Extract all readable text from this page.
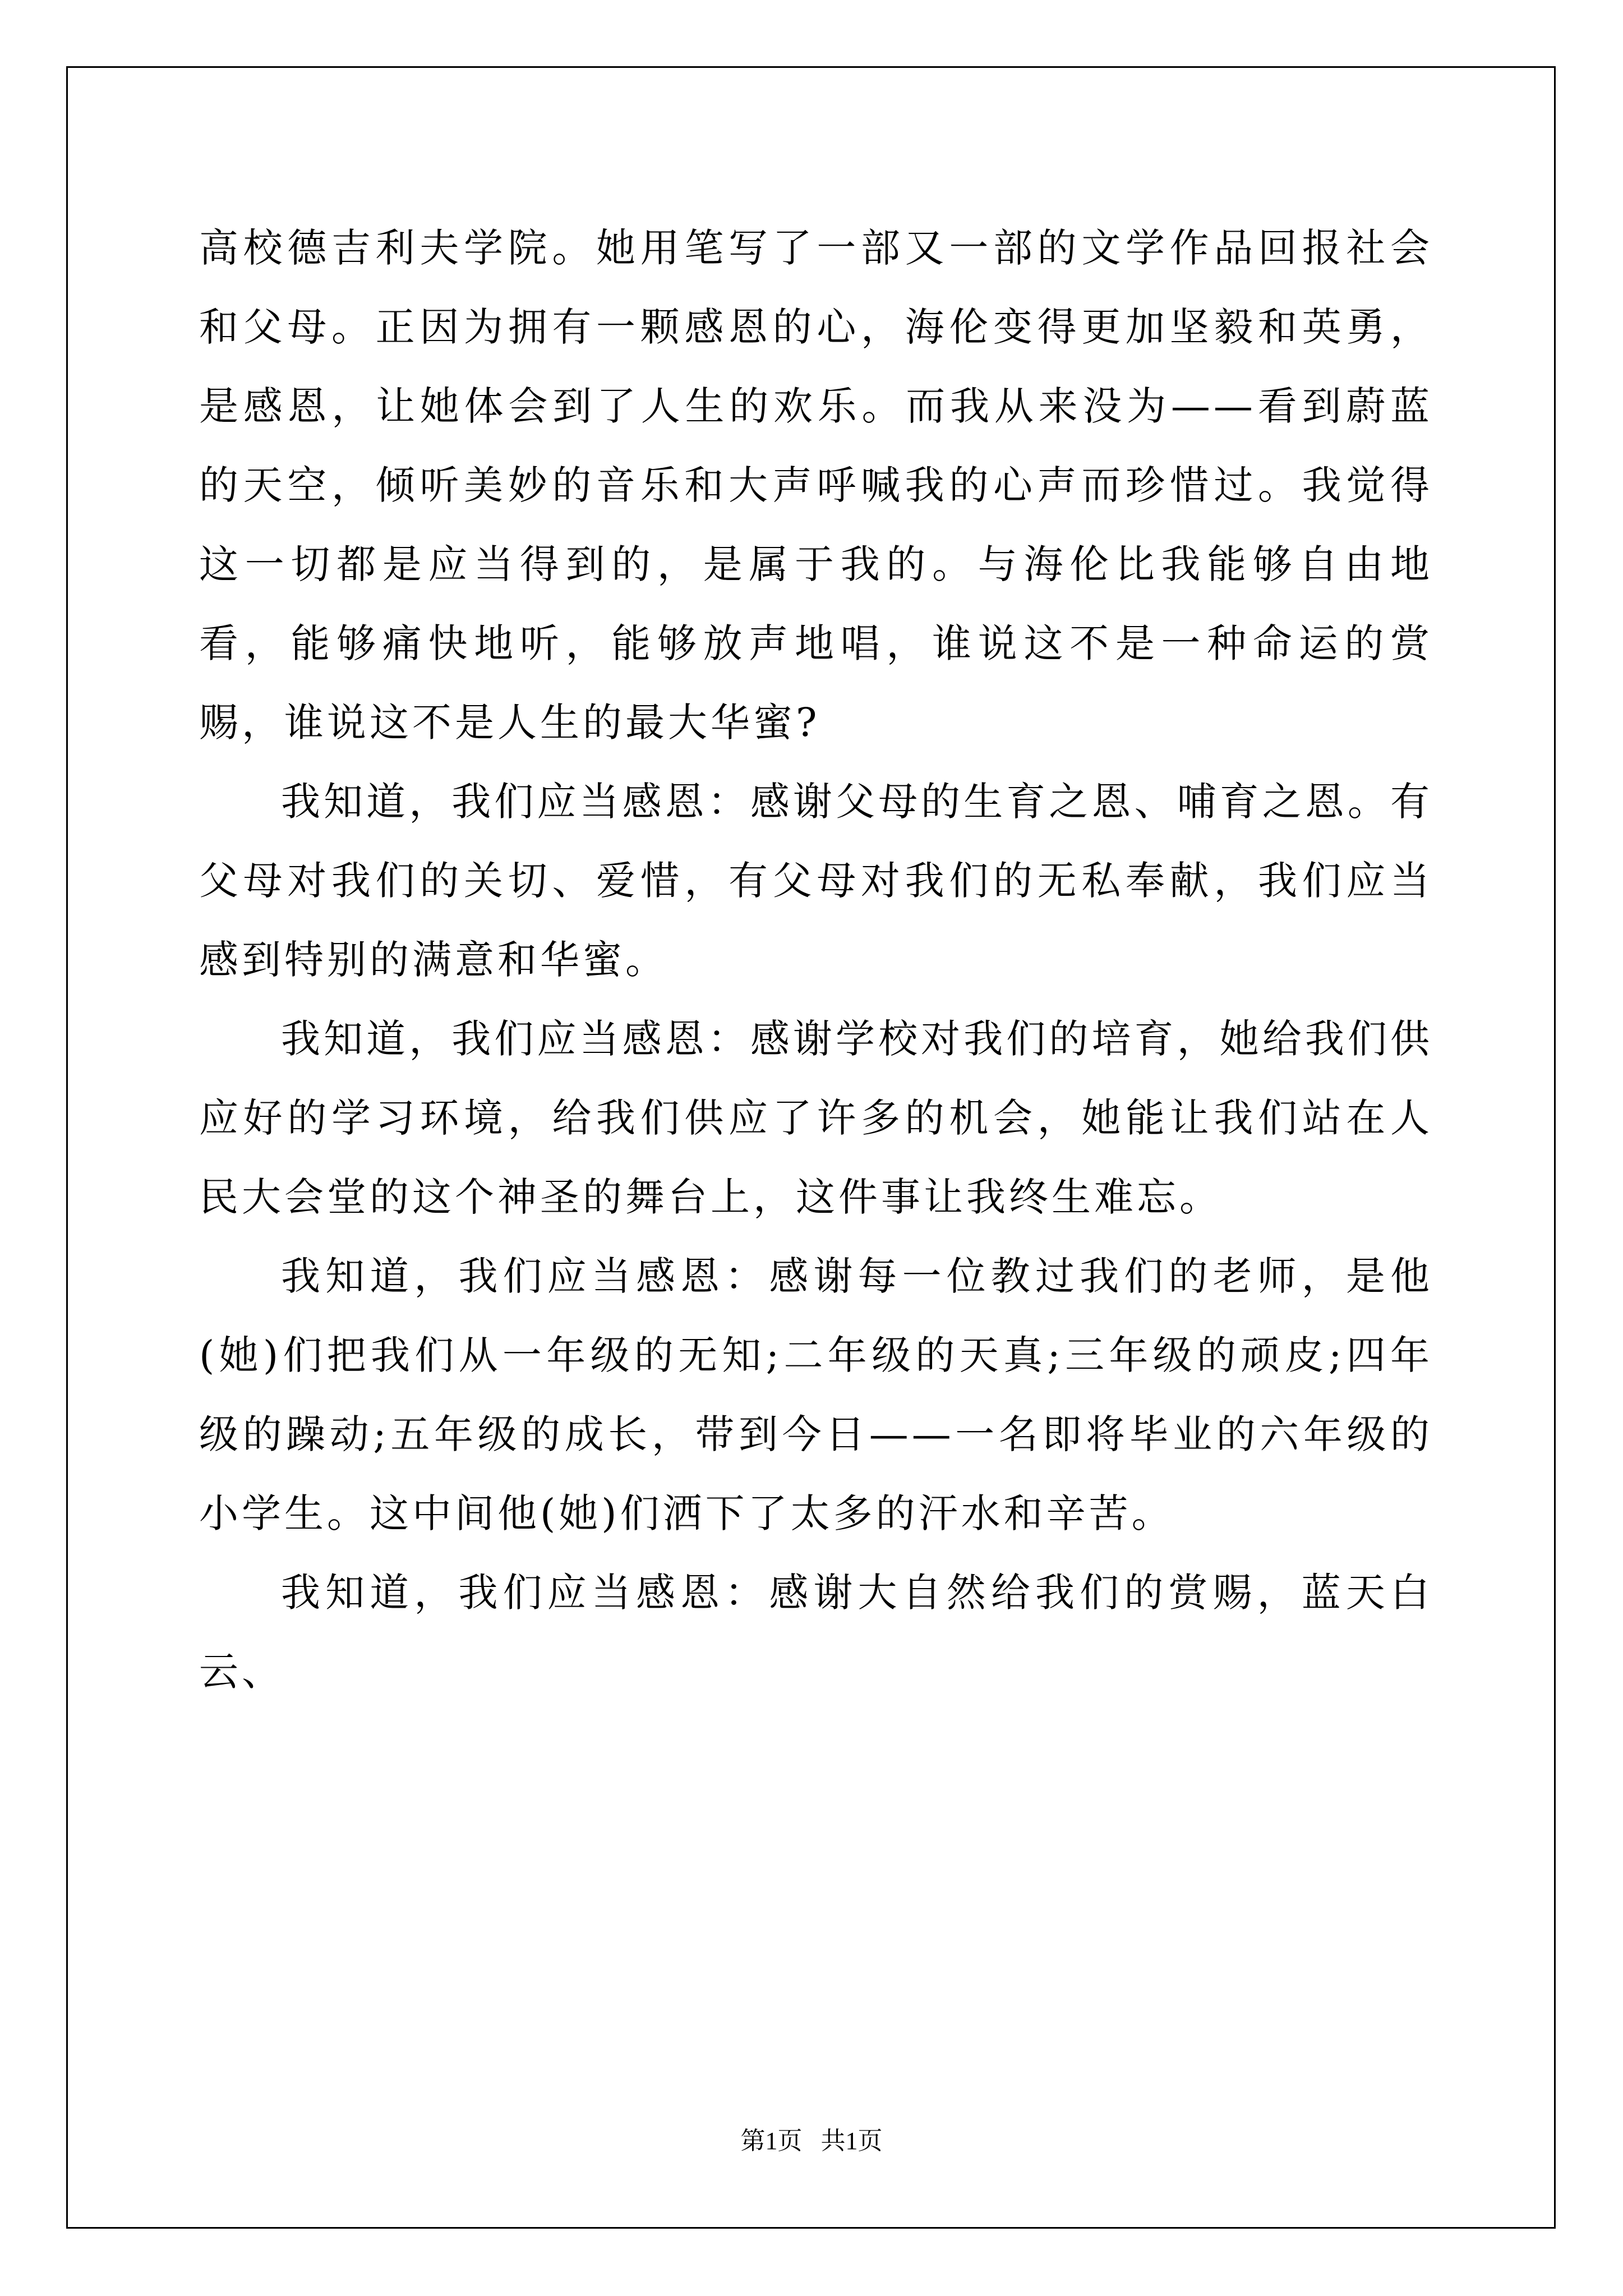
高校德吉利夫学院。她用笔写了一部又一部的文学作品回报社会和父母。正因为拥有一颗感恩的心，海伦变得更加坚毅和英勇，是感恩，让她体会到了人生的欢乐。而我从来没为——看到蔚蓝的天空，倾听美妙的音乐和大声呼喊我的心声而珍惜过。我觉得这一切都是应当得到的，是属于我的。与海伦比我能够自由地看，能够痛快地听，能够放声地唱，谁说这不是一种命运的赏赐，谁说这不是人生的最大华蜜?

我知道，我们应当感恩：感谢父母的生育之恩、哺育之恩。有父母对我们的关切、爱惜，有父母对我们的无私奉献，我们应当感到特别的满意和华蜜。

我知道，我们应当感恩：感谢学校对我们的培育，她给我们供应好的学习环境，给我们供应了许多的机会，她能让我们站在人民大会堂的这个神圣的舞台上，这件事让我终生难忘。

我知道，我们应当感恩：感谢每一位教过我们的老师，是他(她)们把我们从一年级的无知;二年级的天真;三年级的顽皮;四年级的躁动;五年级的成长，带到今日——一名即将毕业的六年级的小学生。这中间他(她)们洒下了太多的汗水和辛苦。

我知道，我们应当感恩：感谢大自然给我们的赏赐，蓝天白云、

第1页 共1页
